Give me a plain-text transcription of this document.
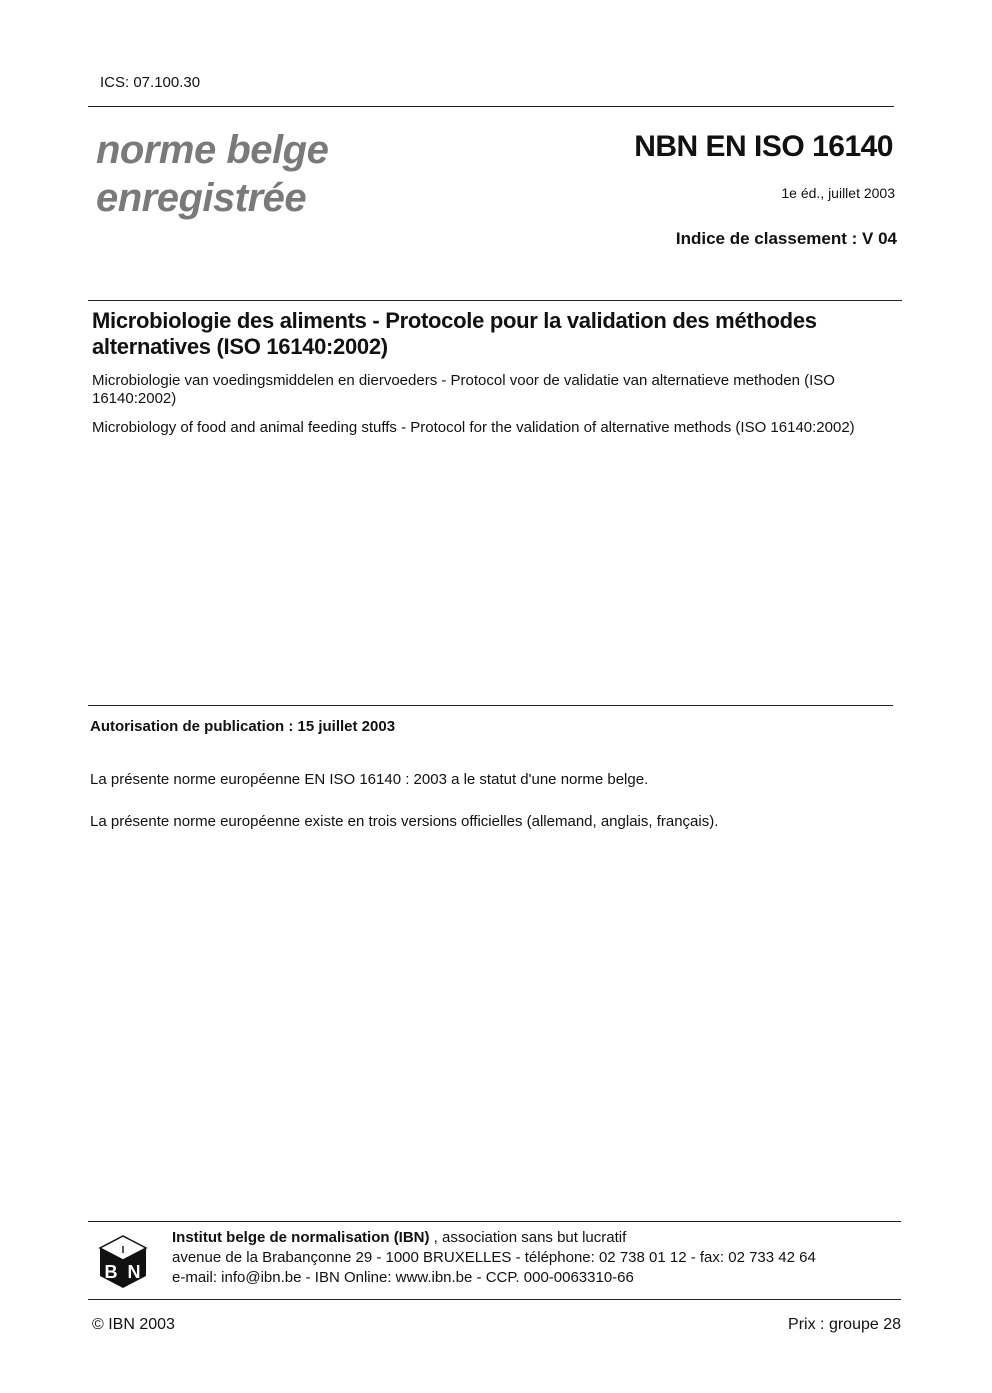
ICS: 07.100.30
norme belge
enregistrée
NBN EN ISO 16140
1e éd., juillet 2003
Indice de classement : V 04
Microbiologie des aliments - Protocole pour la validation des méthodes alternatives (ISO 16140:2002)
Microbiologie van voedingsmiddelen en diervoeders - Protocol voor de validatie van alternatieve methoden (ISO 16140:2002)
Microbiology of food and animal feeding stuffs - Protocol for the validation of alternative methods (ISO 16140:2002)
Autorisation de publication : 15 juillet 2003
La présente norme européenne EN ISO 16140 : 2003 a le statut d'une norme belge.
La présente norme européenne existe en trois versions officielles (allemand, anglais, français).
I
B N
Institut belge de normalisation (IBN) , association sans but lucratif
avenue de la Brabançonne 29 - 1000 BRUXELLES - téléphone: 02 738 01 12 - fax: 02 733 42 64
e-mail: info@ibn.be - IBN Online: www.ibn.be - CCP. 000-0063310-66
© IBN 2003	Prix : groupe 28
